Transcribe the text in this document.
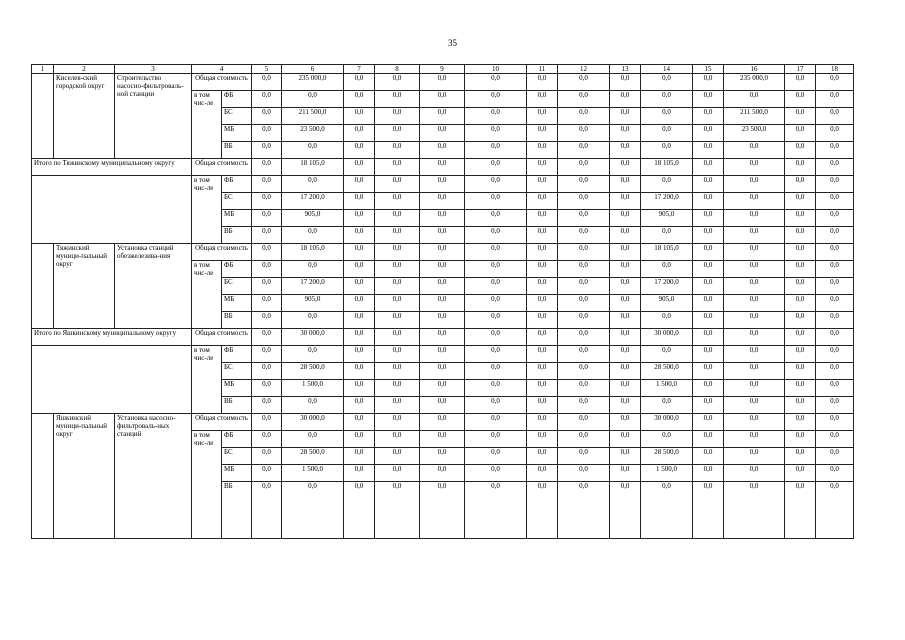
35
1	2	3	4		5	6	7	8	9	10	11	12	13	14	15	16	17	18
	Киселев-ский городской округ	Строительство насосно-фильтроваль-ной станции	Общая стоимость		0,0	235 000,0	0,0	0,0	0,0	0,0	0,0	0,0	0,0	0,0	0,0	235 000,0	0,0	0,0
			в том чис-ле	ФБ	0,0	0,0	0,0	0,0	0,0	0,0	0,0	0,0	0,0	0,0	0,0	0,0	0,0	0,0
				БС	0,0	211 500,0	0,0	0,0	0,0	0,0	0,0	0,0	0,0	0,0	0,0	211 500,0	0,0	0,0
				МБ	0,0	23 500,0	0,0	0,0	0,0	0,0	0,0	0,0	0,0	0,0	0,0	23 500,0	0,0	0,0
				ВБ	0,0	0,0	0,0	0,0	0,0	0,0	0,0	0,0	0,0	0,0	0,0	0,0	0,0	0,0
Итого по Тяжинскому муниципальному округу			Общая стоимость		0,0	18 105,0	0,0	0,0	0,0	0,0	0,0	0,0	0,0	18 105,0	0,0	0,0	0,0	0,0
			в том чис-ле	ФБ	0,0	0,0	0,0	0,0	0,0	0,0	0,0	0,0	0,0	0,0	0,0	0,0	0,0	0,0
				БС	0,0	17 200,0	0,0	0,0	0,0	0,0	0,0	0,0	0,0	17 200,0	0,0	0,0	0,0	0,0
				МБ	0,0	905,0	0,0	0,0	0,0	0,0	0,0	0,0	0,0	905,0	0,0	0,0	0,0	0,0
				ВБ	0,0	0,0	0,0	0,0	0,0	0,0	0,0	0,0	0,0	0,0	0,0	0,0	0,0	0,0
	Тяжинский муници-пальный округ	Установка станций обезжелезива-ния	Общая стоимость		0,0	18 105,0	0,0	0,0	0,0	0,0	0,0	0,0	0,0	18 105,0	0,0	0,0	0,0	0,0
			в том чис-ле	ФБ	0,0	0,0	0,0	0,0	0,0	0,0	0,0	0,0	0,0	0,0	0,0	0,0	0,0	0,0
				БС	0,0	17 200,0	0,0	0,0	0,0	0,0	0,0	0,0	0,0	17 200,0	0,0	0,0	0,0	0,0
				МБ	0,0	905,0	0,0	0,0	0,0	0,0	0,0	0,0	0,0	905,0	0,0	0,0	0,0	0,0
				ВБ	0,0	0,0	0,0	0,0	0,0	0,0	0,0	0,0	0,0	0,0	0,0	0,0	0,0	0,0
Итого по Яшкинскому муниципальному округу			Общая стоимость		0,0	30 000,0	0,0	0,0	0,0	0,0	0,0	0,0	0,0	30 000,0	0,0	0,0	0,0	0,0
			в том чис-ле	ФБ	0,0	0,0	0,0	0,0	0,0	0,0	0,0	0,0	0,0	0,0	0,0	0,0	0,0	0,0
				БС	0,0	28 500,0	0,0	0,0	0,0	0,0	0,0	0,0	0,0	28 500,0	0,0	0,0	0,0	0,0
				МБ	0,0	1 500,0	0,0	0,0	0,0	0,0	0,0	0,0	0,0	1 500,0	0,0	0,0	0,0	0,0
				ВБ	0,0	0,0	0,0	0,0	0,0	0,0	0,0	0,0	0,0	0,0	0,0	0,0	0,0	0,0
	Яшкинский муници-пальный округ	Установка насосно-фильтроваль-ных станций	Общая стоимость		0,0	30 000,0	0,0	0,0	0,0	0,0	0,0	0,0	0,0	30 000,0	0,0	0,0	0,0	0,0
			в том чис-ле	ФБ	0,0	0,0	0,0	0,0	0,0	0,0	0,0	0,0	0,0	0,0	0,0	0,0	0,0	0,0
				БС	0,0	28 500,0	0,0	0,0	0,0	0,0	0,0	0,0	0,0	28 500,0	0,0	0,0	0,0	0,0
				МБ	0,0	1 500,0	0,0	0,0	0,0	0,0	0,0	0,0	0,0	1 500,0	0,0	0,0	0,0	0,0
				ВБ	0,0	0,0	0,0	0,0	0,0	0,0	0,0	0,0	0,0	0,0	0,0	0,0	0,0	0,0
